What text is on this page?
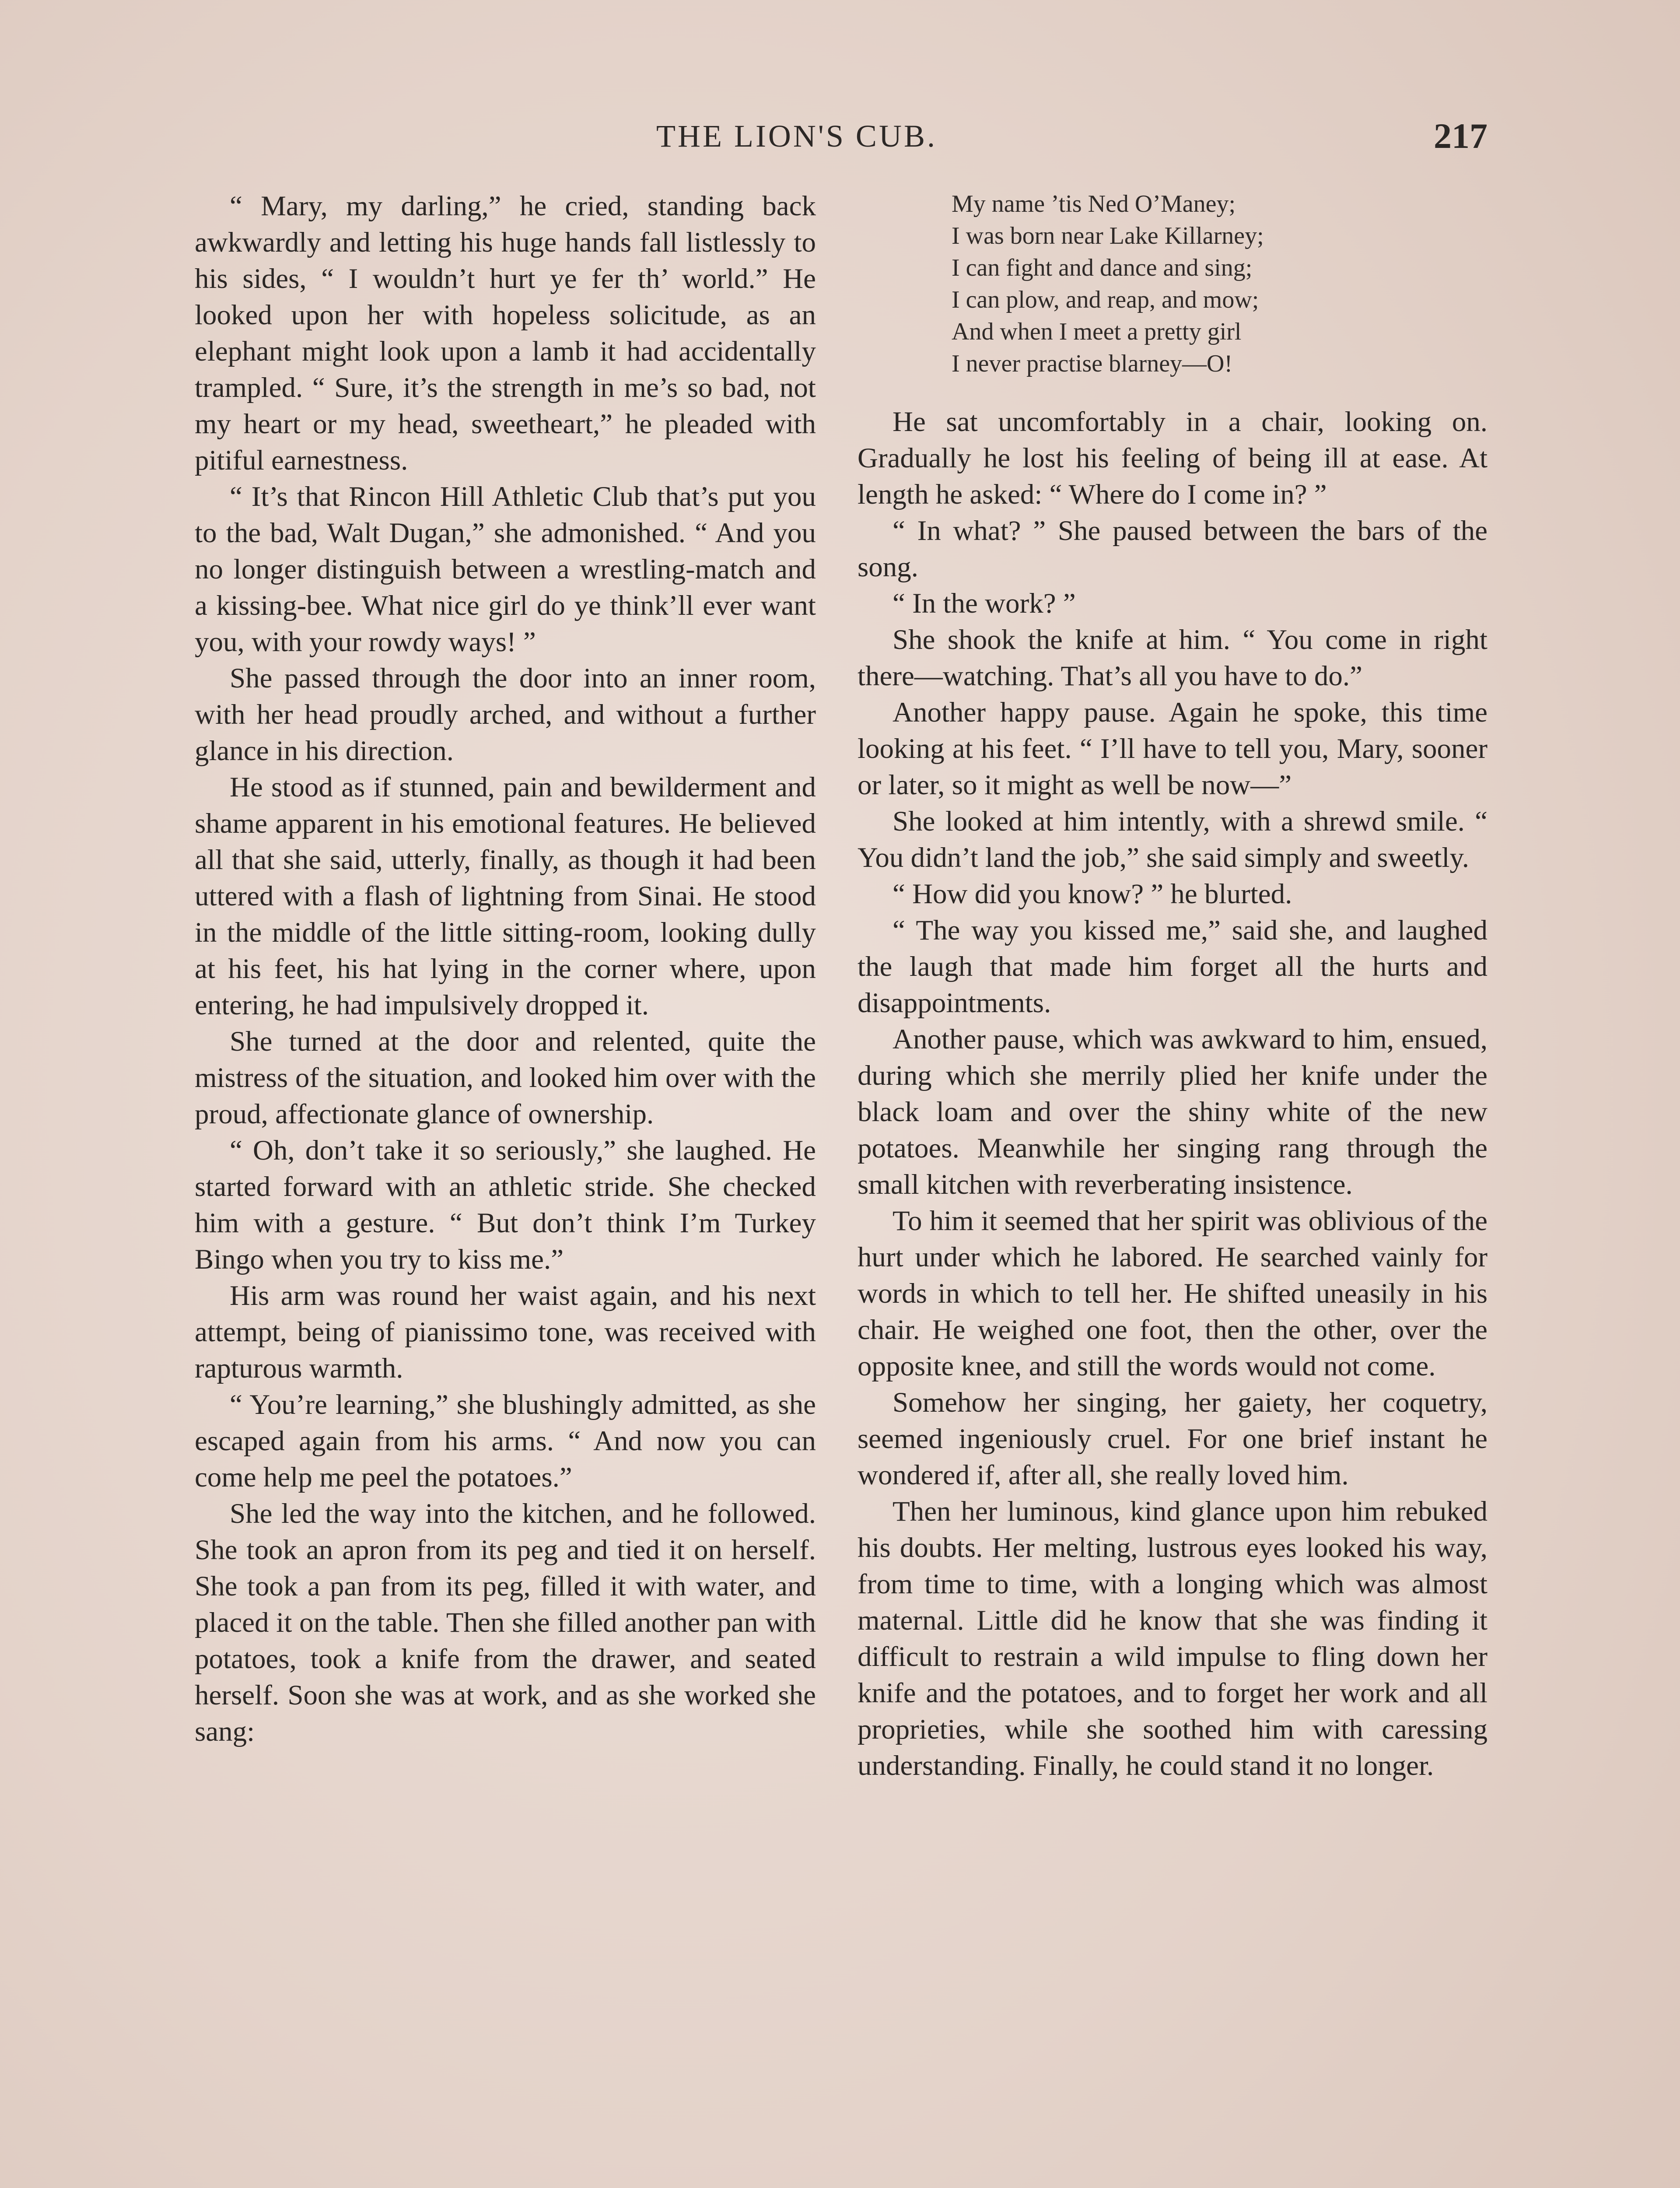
THE LION'S CUB.	217

“ Mary, my darling,” he cried, standing back awkwardly and letting his huge hands fall listlessly to his sides, “ I wouldn’t hurt ye fer th’ world.” He looked upon her with hopeless solicitude, as an elephant might look upon a lamb it had accidentally trampled. “ Sure, it’s the strength in me’s so bad, not my heart or my head, sweetheart,” he pleaded with pitiful earnestness.

“ It’s that Rincon Hill Athletic Club that’s put you to the bad, Walt Dugan,” she admonished. “ And you no longer distinguish between a wrestling-match and a kissing-bee. What nice girl do ye think’ll ever want you, with your rowdy ways! ”

She passed through the door into an inner room, with her head proudly arched, and without a further glance in his direction.

He stood as if stunned, pain and bewilderment and shame apparent in his emotional features. He believed all that she said, utterly, finally, as though it had been uttered with a flash of lightning from Sinai. He stood in the middle of the little sitting-room, looking dully at his feet, his hat lying in the corner where, upon entering, he had impulsively dropped it.

She turned at the door and relented, quite the mistress of the situation, and looked him over with the proud, affectionate glance of ownership.

“ Oh, don’t take it so seriously,” she laughed. He started forward with an athletic stride. She checked him with a gesture. “ But don’t think I’m Turkey Bingo when you try to kiss me.”

His arm was round her waist again, and his next attempt, being of pianissimo tone, was received with rapturous warmth.

“ You’re learning,” she blushingly admitted, as she escaped again from his arms. “ And now you can come help me peel the potatoes.”

She led the way into the kitchen, and he followed. She took an apron from its peg and tied it on herself. She took a pan from its peg, filled it with water, and placed it on the table. Then she filled another pan with potatoes, took a knife from the drawer, and seated herself. Soon she was at work, and as she worked she sang:

My name ’tis Ned O’Maney;
I was born near Lake Killarney;
I can fight and dance and sing;
I can plow, and reap, and mow;
And when I meet a pretty girl
I never practise blarney—O!

He sat uncomfortably in a chair, looking on. Gradually he lost his feeling of being ill at ease. At length he asked: “ Where do I come in? ”

“ In what? ” She paused between the bars of the song.

“ In the work? ”

She shook the knife at him. “ You come in right there—watching. That’s all you have to do.”

Another happy pause. Again he spoke, this time looking at his feet. “ I’ll have to tell you, Mary, sooner or later, so it might as well be now—”

She looked at him intently, with a shrewd smile. “ You didn’t land the job,” she said simply and sweetly.

“ How did you know? ” he blurted.

“ The way you kissed me,” said she, and laughed the laugh that made him forget all the hurts and disappointments.

Another pause, which was awkward to him, ensued, during which she merrily plied her knife under the black loam and over the shiny white of the new potatoes. Meanwhile her singing rang through the small kitchen with reverberating insistence.

To him it seemed that her spirit was oblivious of the hurt under which he labored. He searched vainly for words in which to tell her. He shifted uneasily in his chair. He weighed one foot, then the other, over the opposite knee, and still the words would not come.

Somehow her singing, her gaiety, her coquetry, seemed ingeniously cruel. For one brief instant he wondered if, after all, she really loved him.

Then her luminous, kind glance upon him rebuked his doubts. Her melting, lustrous eyes looked his way, from time to time, with a longing which was almost maternal. Little did he know that she was finding it difficult to restrain a wild impulse to fling down her knife and the potatoes, and to forget her work and all proprieties, while she soothed him with caressing understanding. Finally, he could stand it no longer.
